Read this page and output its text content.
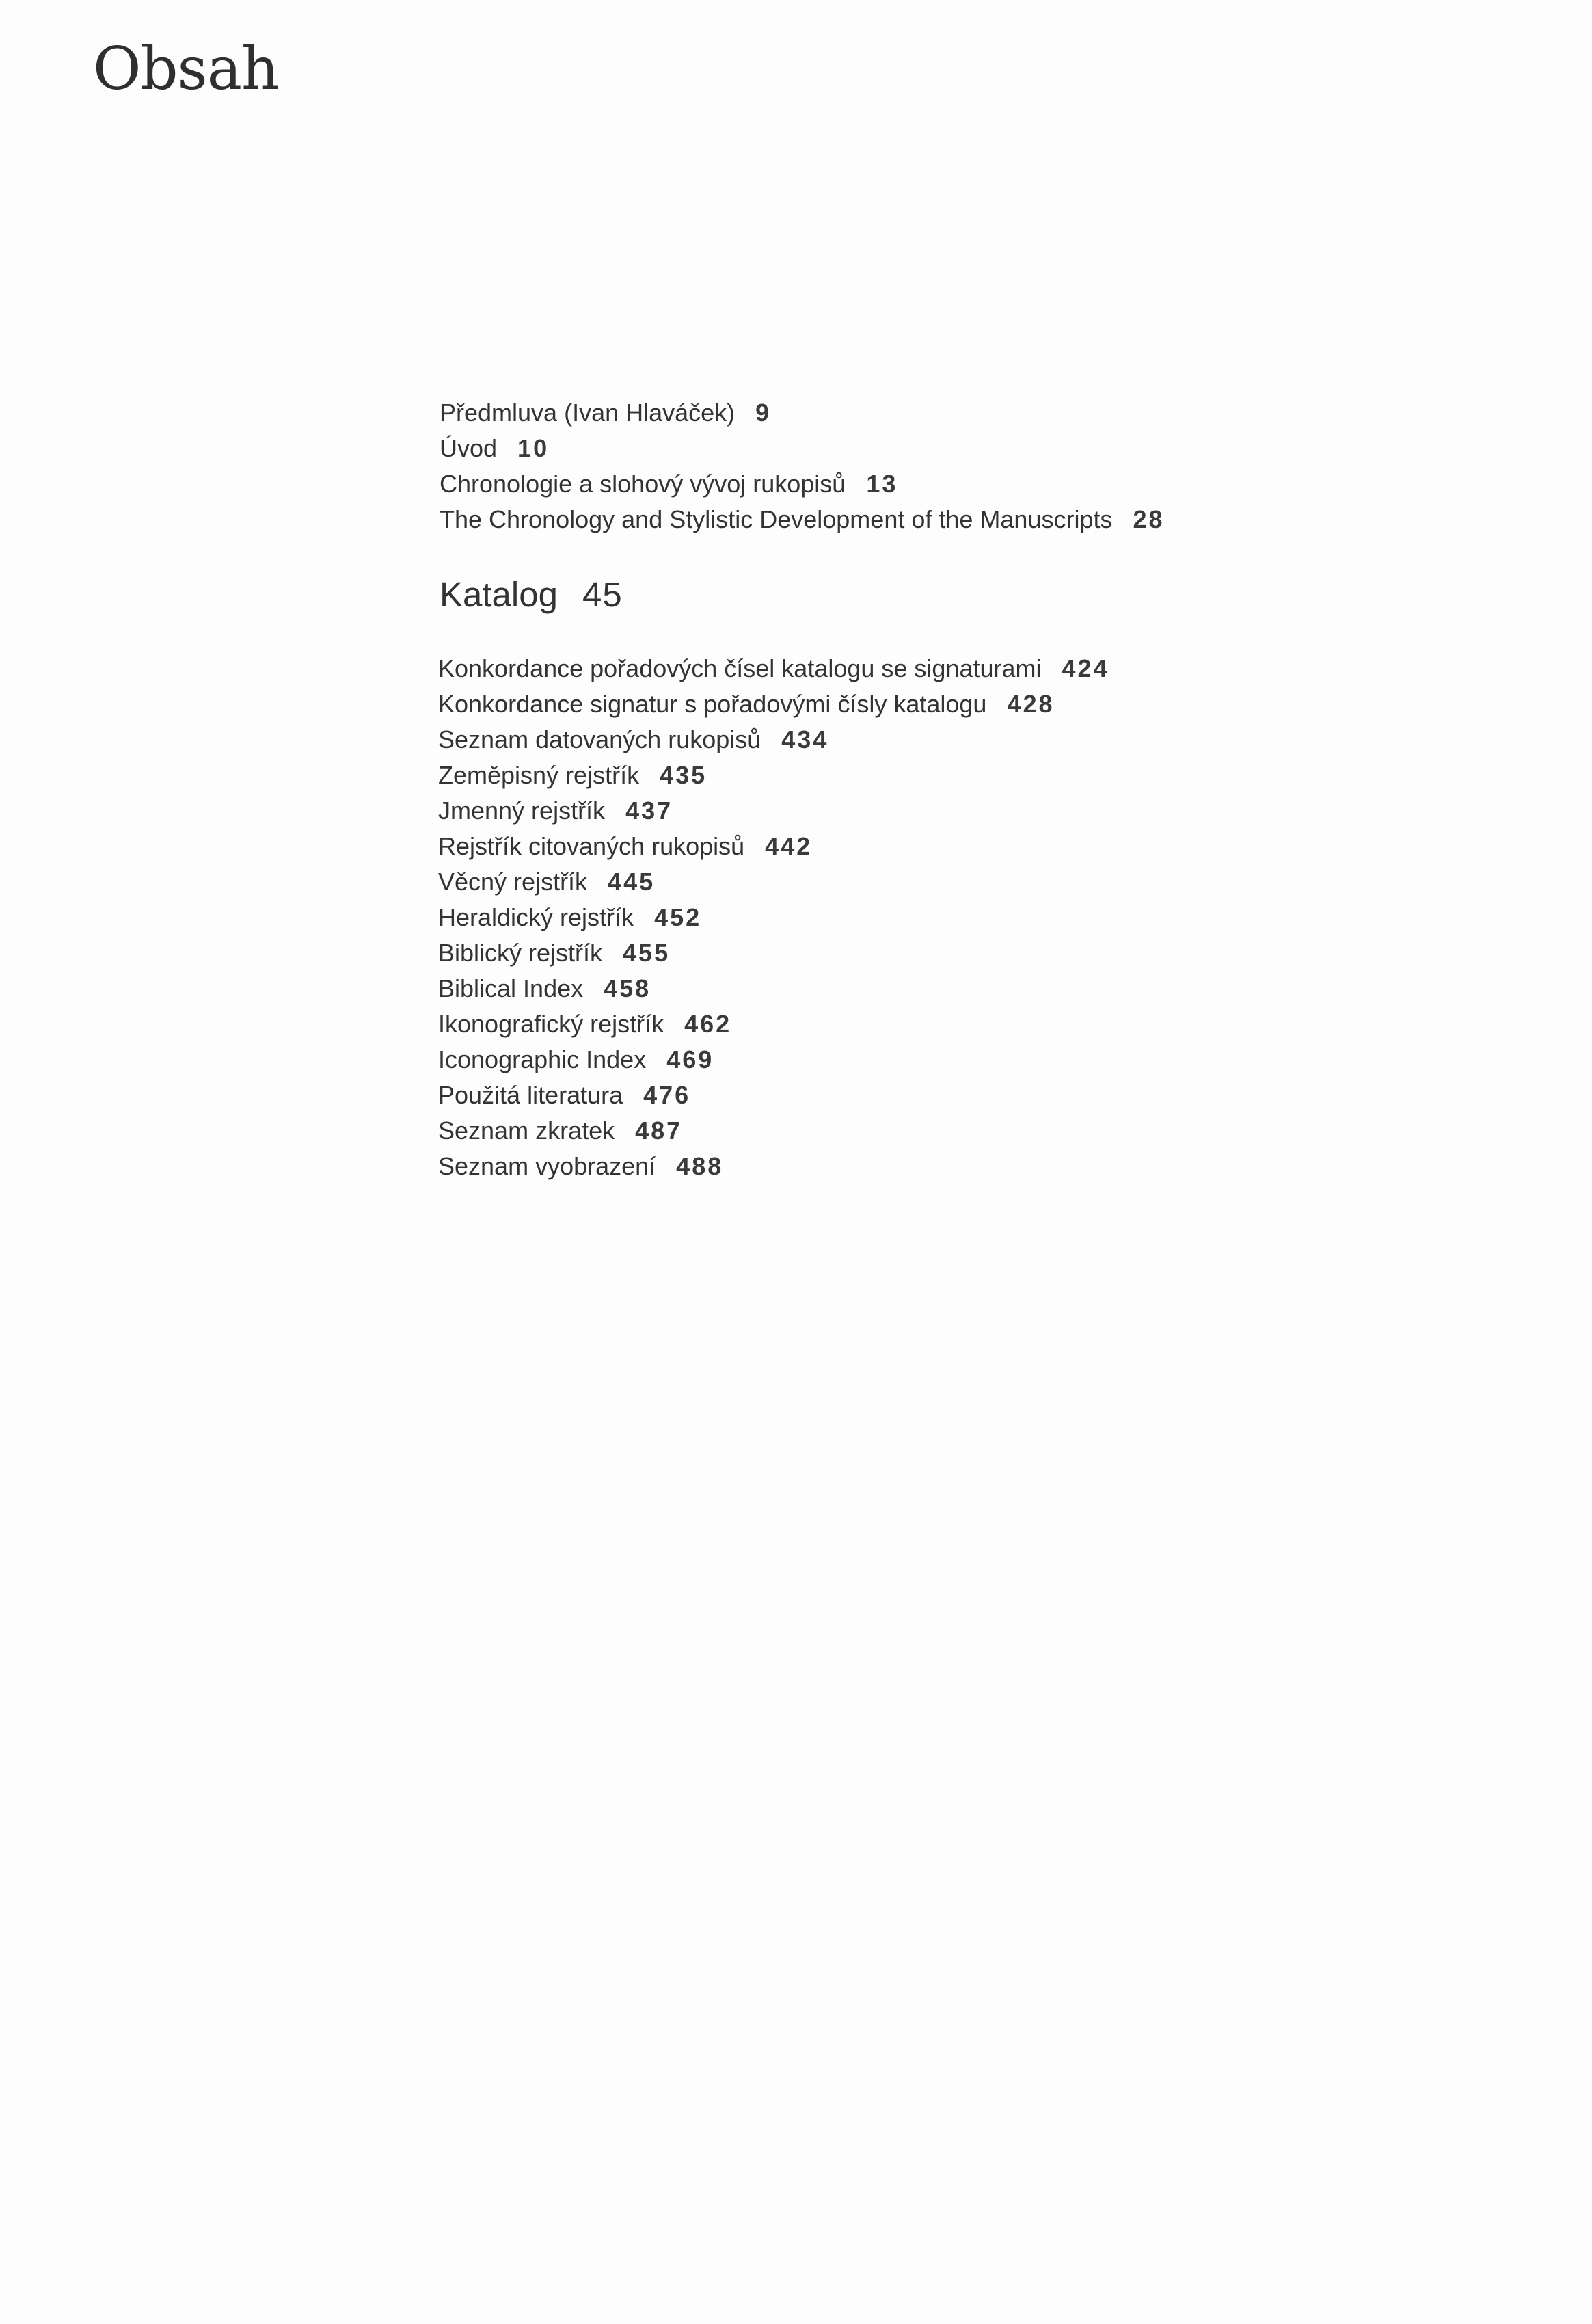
Obsah
Předmluva (Ivan Hlaváček) 9
Úvod 10
Chronologie a slohový vývoj rukopisů 13
The Chronology and Stylistic Development of the Manuscripts 28
Katalog 45
Konkordance pořadových čísel katalogu se signaturami 424
Konkordance signatur s pořadovými čísly katalogu 428
Seznam datovaných rukopisů 434
Zeměpisný rejstřík 435
Jmenný rejstřík 437
Rejstřík citovaných rukopisů 442
Věcný rejstřík 445
Heraldický rejstřík 452
Biblický rejstřík 455
Biblical Index 458
Ikonografický rejstřík 462
Iconographic Index 469
Použitá literatura 476
Seznam zkratek 487
Seznam vyobrazení 488
